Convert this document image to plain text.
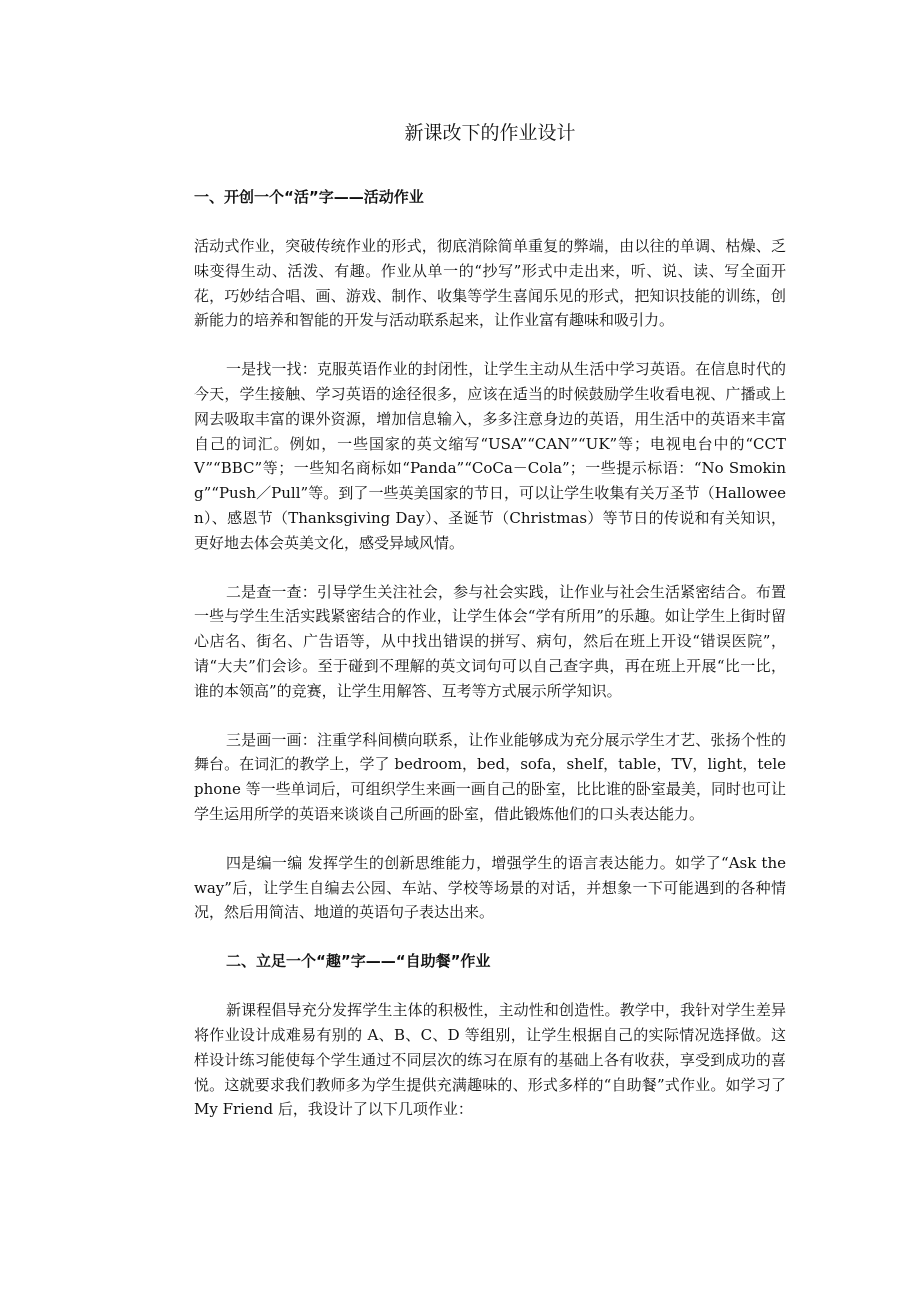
新课改下的作业设计
一、开创一个“活”字——活动作业

活动式作业，突破传统作业的形式，彻底消除简单重复的弊端，由以往的单调、枯燥、乏味变得生动、活泼、有趣。作业从单一的“抄写”形式中走出来，听、说、读、写全面开花，巧妙结合唱、画、游戏、制作、收集等学生喜闻乐见的形式，把知识技能的训练，创新能力的培养和智能的开发与活动联系起来，让作业富有趣味和吸引力。

一是找一找：克服英语作业的封闭性，让学生主动从生活中学习英语。在信息时代的今天，学生接触、学习英语的途径很多，应该在适当的时候鼓励学生收看电视、广播或上网去吸取丰富的课外资源，增加信息输入，多多注意身边的英语，用生活中的英语来丰富自己的词汇。例如，一些国家的英文缩写“USA”“CAN”“UK”等；电视电台中的“CCTV”“BBC”等；一些知名商标如“Panda”“CoCa－Cola”；一些提示标语：“No Smoking”“Push／Pull”等。到了一些英美国家的节日，可以让学生收集有关万圣节（Halloween）、感恩节（Thanksgiving Day）、圣诞节（Christmas）等节日的传说和有关知识，更好地去体会英美文化，感受异域风情。

二是查一查：引导学生关注社会，参与社会实践，让作业与社会生活紧密结合。布置一些与学生生活实践紧密结合的作业，让学生体会“学有所用”的乐趣。如让学生上街时留心店名、街名、广告语等，从中找出错误的拼写、病句，然后在班上开设“错误医院”，请“大夫”们会诊。至于碰到不理解的英文词句可以自己查字典，再在班上开展“比一比，谁的本领高”的竞赛，让学生用解答、互考等方式展示所学知识。

三是画一画：注重学科间横向联系，让作业能够成为充分展示学生才艺、张扬个性的舞台。在词汇的教学上，学了 bedroom，bed，sofa，shelf，table，TV，light，telephone 等一些单词后，可组织学生来画一画自己的卧室，比比谁的卧室最美，同时也可让学生运用所学的英语来谈谈自己所画的卧室，借此锻炼他们的口头表达能力。

四是编一编 发挥学生的创新思维能力，增强学生的语言表达能力。如学了“Ask the way”后，让学生自编去公园、车站、学校等场景的对话，并想象一下可能遇到的各种情况，然后用简洁、地道的英语句子表达出来。

二、立足一个“趣”字——“自助餐”作业

新课程倡导充分发挥学生主体的积极性，主动性和创造性。教学中，我针对学生差异将作业设计成难易有别的 A、B、C、D 等组别，让学生根据自己的实际情况选择做。这样设计练习能使每个学生通过不同层次的练习在原有的基础上各有收获，享受到成功的喜悦。这就要求我们教师多为学生提供充满趣味的、形式多样的“自助餐”式作业。如学习了 My Friend 后，我设计了以下几项作业：
